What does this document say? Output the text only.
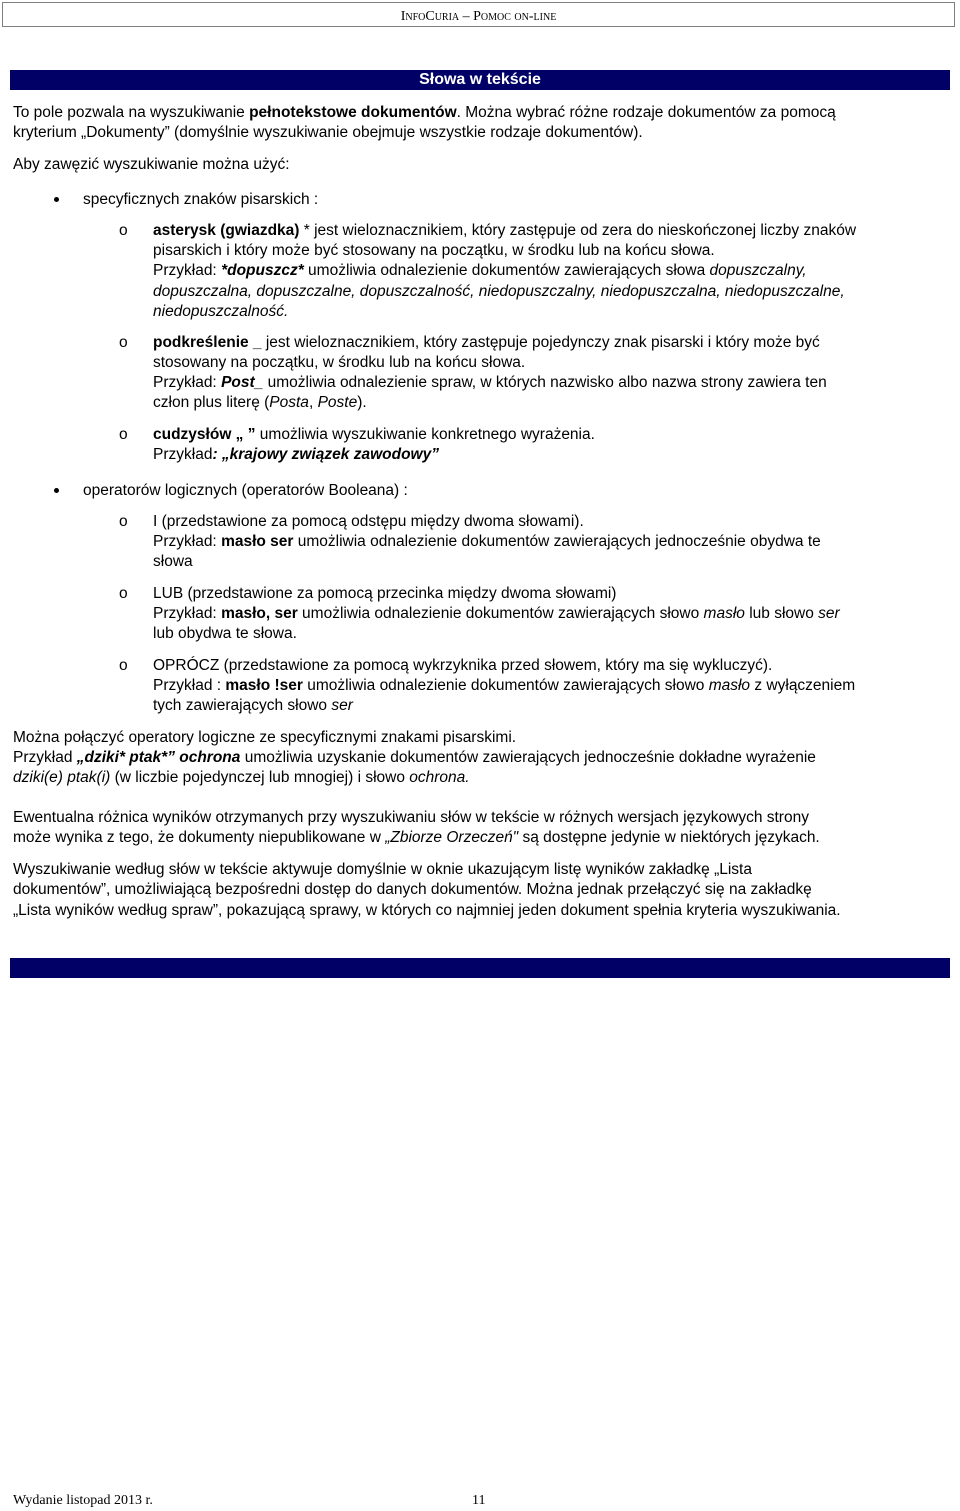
InfoCuria – Pomoc on-line
Słowa w tekście
To pole pozwala na wyszukiwanie pełnotekstowe dokumentów. Można wybrać różne rodzaje dokumentów za pomocą
kryterium „Dokumenty” (domyślnie wyszukiwanie obejmuje wszystkie rodzaje dokumentów).
Aby zawęzić wyszukiwanie można użyć:
specyficznych znaków pisarskich :
o asterysk (gwiazdka) * jest wieloznacznikiem, który zastępuje od zera do nieskończonej liczby znaków
pisarskich i który może być stosowany na początku, w środku lub na końcu słowa.
Przykład: *dopuszcz* umożliwia odnalezienie dokumentów zawierających słowa dopuszczalny,
dopuszczalna, dopuszczalne, dopuszczalność, niedopuszczalny, niedopuszczalna, niedopuszczalne,
niedopuszczalność.
o podkreślenie _ jest wieloznacznikiem, który zastępuje pojedynczy znak pisarski i który może być
stosowany na początku, w środku lub na końcu słowa.
Przykład: Post_ umożliwia odnalezienie spraw, w których nazwisko albo nazwa strony zawiera ten
człon plus literę (Posta, Poste).
o cudzysłów „ ” umożliwia wyszukiwanie konkretnego wyrażenia.
Przykład: „krajowy związek zawodowy”
operatorów logicznych (operatorów Booleana) :
o I (przedstawione za pomocą odstępu między dwoma słowami).
Przykład: masło ser umożliwia odnalezienie dokumentów zawierających jednocześnie obydwa te
słowa
o LUB (przedstawione za pomocą przecinka między dwoma słowami)
Przykład: masło, ser umożliwia odnalezienie dokumentów zawierających słowo masło lub słowo ser
lub obydwa te słowa.
o OPRÓCZ (przedstawione za pomocą wykrzyknika przed słowem, który ma się wykluczyć).
Przykład : masło !ser umożliwia odnalezienie dokumentów zawierających słowo masło z wyłączeniem
tych zawierających słowo ser
Można połączyć operatory logiczne ze specyficznymi znakami pisarskimi.
Przykład „dziki* ptak*” ochrona umożliwia uzyskanie dokumentów zawierających jednocześnie dokładne wyrażenie
dziki(e) ptak(i) (w liczbie pojedynczej lub mnogiej) i słowo ochrona.
Ewentualna różnica wyników otrzymanych przy wyszukiwaniu słów w tekście w różnych wersjach językowych strony
może wynika z tego, że dokumenty niepublikowane w „Zbiorze Orzeczeń" są dostępne jedynie w niektórych językach.
Wyszukiwanie według słów w tekście aktywuje domyślnie w oknie ukazującym listę wyników zakładkę „Lista
dokumentów”, umożliwiającą bezpośredni dostęp do danych dokumentów. Można jednak przełączyć się na zakładkę
„Lista wyników według spraw”, pokazującą sprawy, w których co najmniej jeden dokument spełnia kryteria wyszukiwania.
Wydanie listopad 2013 r.	11
